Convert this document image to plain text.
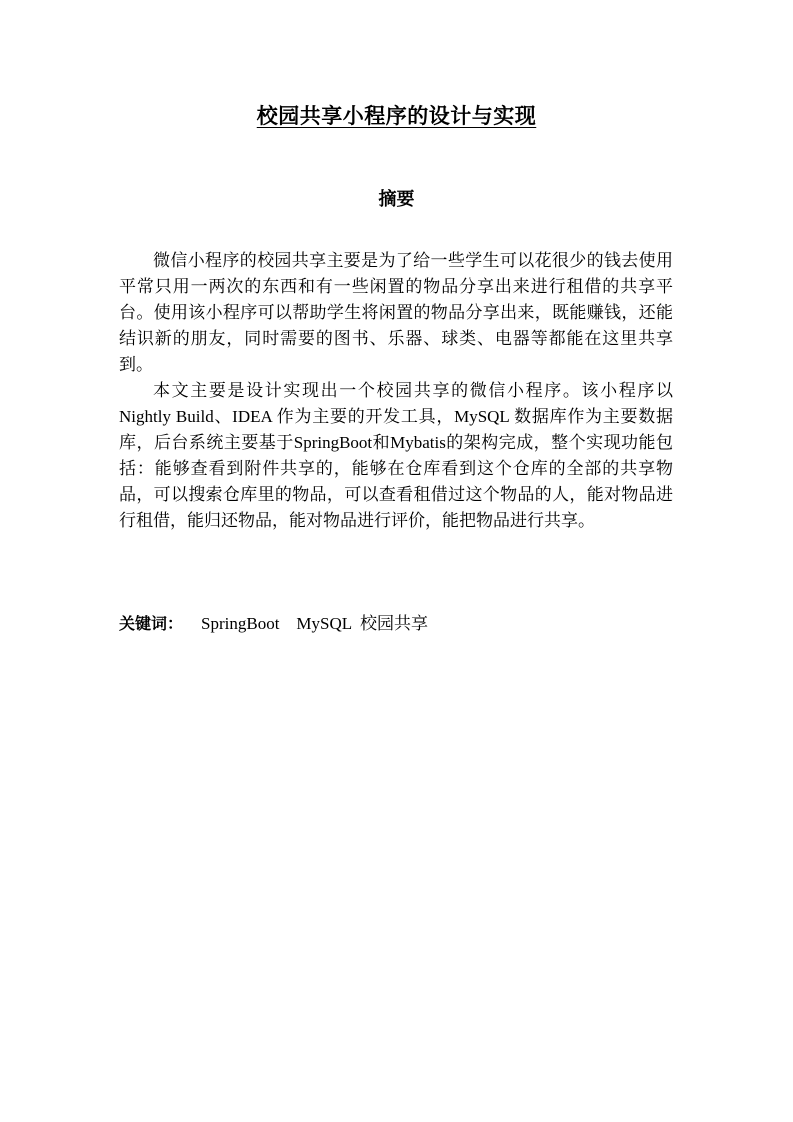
校园共享小程序的设计与实现
摘要

微信小程序的校园共享主要是为了给一些学生可以花很少的钱去使用平常只用一两次的东西和有一些闲置的物品分享出来进行租借的共享平台。使用该小程序可以帮助学生将闲置的物品分享出来，既能赚钱，还能结识新的朋友，同时需要的图书、乐器、球类、电器等都能在这里共享到。

本文主要是设计实现出一个校园共享的微信小程序。该小程序以Nightly Build、IDEA 作为主要的开发工具，MySQL 数据库作为主要数据库，后台系统主要基于SpringBoot和Mybatis的架构完成，整个实现功能包括：能够查看到附件共享的，能够在仓库看到这个仓库的全部的共享物品，可以搜索仓库里的物品，可以查看租借过这个物品的人，能对物品进行租借，能归还物品，能对物品进行评价，能把物品进行共享。

关键词： SpringBoot    MySQL  校园共享
